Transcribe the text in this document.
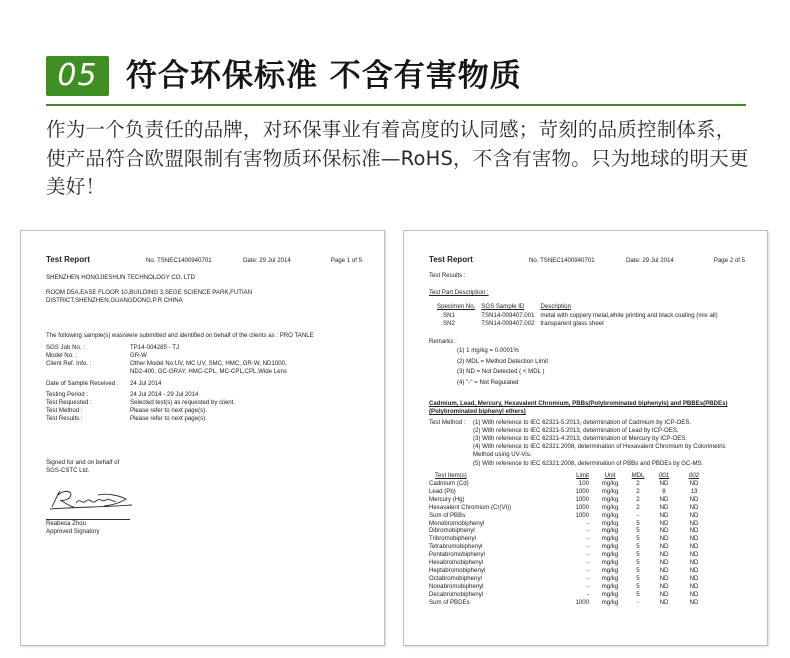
05 符合环保标准 不含有害物质
作为一个负责任的品牌，对环保事业有着高度的认同感；苛刻的品质控制体系，使产品符合欧盟限制有害物质环保标准—RoHS，不含有害物。只为地球的明天更美好！
Test Report	No. TSNEC1400940701	Date: 29 Jul 2014	Page 1 of 5
SHENZHEN HONGJIESHUN TECHNOLOGY CO. LTD
ROOM D5A,EASE FLOOR 10,BUILDING 3,SEGE SCIENCE PARK,FUTIAN
DISTRICT,SHENZHEN,GUANGDONG,P.R CHINA
The following sample(s) was/were submitted and identified on behalf of the clients as : PRO TANLE
SGS Job No. :	TP14-004285 - TJ
Model No. :	GR-W
Client Ref. Info. :	Other Model No:UV, MC UV, SMC, HMC, GR-W, ND1000,
ND2-400, GC-GRAY, HMC-CPL, MC-CPL,CPL,Wide Lens
Date of Sample Received :	24 Jul 2014
Testing Period :	24 Jul 2014 - 29 Jul 2014
Test Requested :	Selected test(s) as requested by client.
Test Method :	Please refer to next page(s).
Test Results :	Please refer to next page(s).
Signed for and on behalf of
SGS-CSTC Ltd.
Reabeca Zhou
Approved Signatory
Test Report	No. TSNEC1400940701	Date: 29 Jul 2014	Page 2 of 5
Test Results :
Test Part Description :
Specimen No.	SGS Sample ID	Description
SN1	TSN14-009407.001	metal with coppery metal,white printing and black coating (mix all)
SN2	TSN14-009407.002	transparent glass sheet
Remarks :
(1) 1 mg/kg = 0.0001%
(2) MDL = Method Detection Limit
(3) ND = Not Detected ( < MDL )
(4) "-" = Not Regulated
Cadmium, Lead, Mercury, Hexavalent Chromium, PBBs(Polybrominated biphenyls) and PBBEs(PBDEs)
(Polybrominated biphenyl ethers)
Test Method :	(1) With reference to IEC 62321-5:2013, determination of Cadmium by ICP-OES.
(2) With reference to IEC 62321-5:2013, determination of Lead by ICP-OES.
(3) With reference to IEC 62321-4:2013, determination of Mercury by ICP-OES.
(4) With reference to IEC 62321:2008, determination of Hexavalent Chromium by Colorimetric
Method using UV-Vis.
(5) With reference to IEC 62321:2008, determination of PBBs and PBDEs by GC-MS.
Test Item(s)	Limit	Unit	MDL	001	002
Cadmium (Cd)	100	mg/kg	2	ND	ND
Lead (Pb)	1000	mg/kg	2	8	13
Mercury (Hg)	1000	mg/kg	2	ND	ND
Hexavalent Chromium (Cr(VI))	1000	mg/kg	2	ND	ND
Sum of PBBs	1000	mg/kg	-	ND	ND
Monobromobiphenyl	-	mg/kg	5	ND	ND
Dibromobiphenyl	-	mg/kg	5	ND	ND
Tribromobiphenyl	-	mg/kg	5	ND	ND
Tetrabromobiphenyl	-	mg/kg	5	ND	ND
Pentabromobiphenyl	-	mg/kg	5	ND	ND
Hexabromobiphenyl	-	mg/kg	5	ND	ND
Heptabromobiphenyl	-	mg/kg	5	ND	ND
Octabromobiphenyl	-	mg/kg	5	ND	ND
Nonabromobiphenyl	-	mg/kg	5	ND	ND
Decabromobiphenyl	-	mg/kg	5	ND	ND
Sum of PBDEs	1000	mg/kg	-	ND	ND
